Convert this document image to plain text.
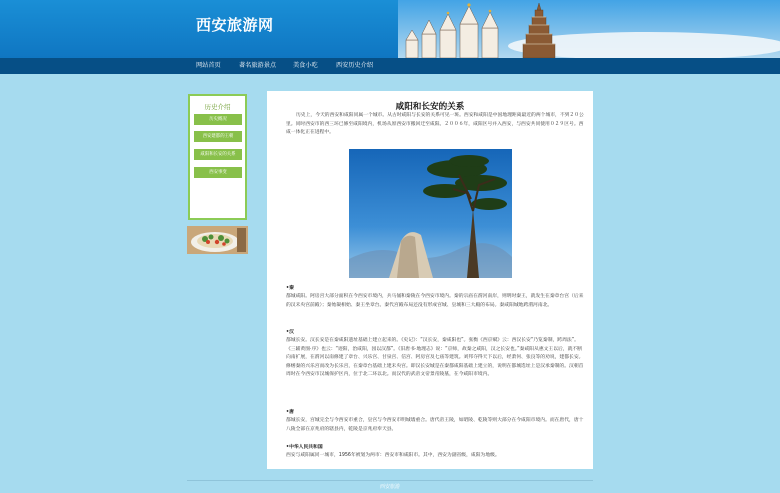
西安旅游网
网站首页	著名旅游景点	美食小吃	西安历史介绍
历史介绍
历史概况
西安建都的王朝
咸阳和长安的关系
西安事变
咸阳和长安的关系

历史上，今天的西安和咸阳同属一个城市。从古时咸阳与长安的关系可见一斑。西安和咸阳是中国地理距离最近的两个城市，不到２０公里。同时西安市的西三环已修至咸阳境内，机场从原西安市搬回迁至咸阳。２００６年，咸阳区号并入西安，与西安共同使用０２９区号。西咸一体化正在进程中。

•秦

都城咸阳。阿房宫大部分面积在今西安市境内，兵马俑和秦陵在今西安市境内。秦的宗庙在渭河南岸，则明时秦王，就发生在秦章台宫（后来的汉未央宫前殿）；秦始凝相始、秦王坐章台。秦代宫殿布局还没有形成宫城、皇城和三大殿的布局。秦咸阳城地跨渭河南北。

•汉

都城长安。汉长安是在秦咸阳遗址基础上建立起来的。《史记》：“汉长安，秦咸阳也”。张衡《西京赋》云：西汉长安“乃览秦制，跨周法”。《三辅黄图·序》也云：“迹阳，治咸阳，园以汉都”。《旧唐书·地理志》说：“京师，故秦之咸阳，汉之长安也。”秦咸阳从惠文王以后，就不断向南扩展，在渭河以南修建了章台、兴乐宫、甘泉宫、信宫、阿房宫及七庙等建筑。刘邦夺得天下以后，经萧何、张良等的劝说，建都长安。修缮秦的兴乐宫而改为长乐宫，在秦章台基础上建未央宫。即汉长安城是在秦都咸阳基础上建立的，说明在都城选址上是汉承秦制的。汉朝首周时在今西安市汉城保护区内，位于北二环以北。而汉代的武帝文帝景帝陵墓，在今咸阳市境内。

•唐

都城长安，宫城完全与今西安市重合，皇宫与今西安市明城墙重合。唐代帝王陵，如昭陵、乾陵等则大部分在今咸阳市境内。而在唐代，唐十八陵全部在京兆府的辖县内，乾陵是京兆府奉天县。

•中华人民共和国

西安与咸阳属同一城市，1956年被划为两市：西安市和咸阳市。其中，西安为副省级，咸阳为地级。

西安旅游
